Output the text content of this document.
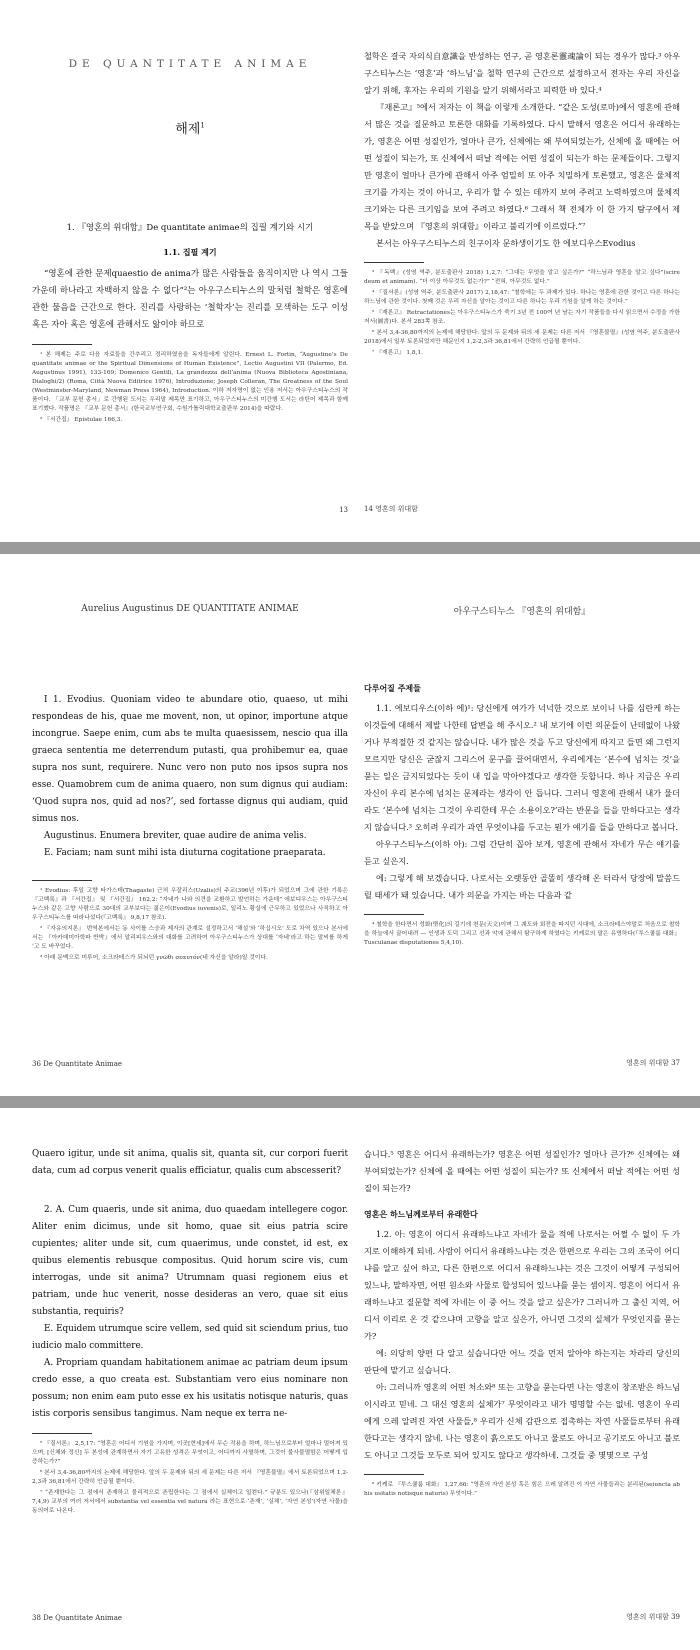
DE QUANTITATE ANIMAE
해제$^1$
1. 『영혼의 위대함』De quantitate animae의 집필 계기와 시기
1.1. 집필 계기

“영혼에 관한 문제quaestio de anima가 많은 사람들을 움직이지만 나 역시 그들 가운데 하나라고 자백하지 않을 수 없다”²는 아우구스티누스의 말처럼 철학은 영혼에 관한 물음을 근간으로 한다. 진리를 사랑하는 ‘철학자’는 진리를 모색하는 도구 이성 혹은 자아 혹은 영혼에 관해서도 앎이야 하므로

¹ 본 해제는 주로 다음 자료들을 간추리고 정리하였음을 독자들에게 알린다. Ernest L. Fortin, “Augustine’s De quantitate animae or the Spiritual Dimensions of Human Existence”, Lectio Augustini VII (Palermo, Ed. Augustinus 1991), 133-169; Domenico Gentili, La grandezza dell’anima (Nuova Biblioteca Agostiniana, Dialoghi/2) (Roma, Città Nuova Editrice 1976), Introduzione; Joseph Colleran, The Greatness of the Soul (Westminster-Maryland, Newman Press 1964), Introduction. 이하 저자명이 없는 인용 저서는 아우구스티누스의 작품이다. 「교부 문헌 총서」로 간행된 도서는 우리말 제목만 표기하고, 아우구스티누스의 미간행 도서는 라틴어 제목과 함께 표기했다. 작품명은 『교부 문헌 총서』(한국교부연구회, 수원가톨릭대학교출판부 2014)을 따랐다.
² 『서간집』 Epistulae 166,3.
13

철학은 결국 자의식自意識을 반성하는 연구, 곧 영혼론靈魂論이 되는 경우가 많다.³ 아우구스티누스는 ‘영혼’과 ‘하느님’을 철학 연구의 근간으로 설정하고서 전자는 우리 자신을 알기 위해, 후자는 우리의 기원을 알기 위해서라고 피력한 바 있다.⁴

『재론고』⁵에서 저자는 이 책을 이렇게 소개한다. “같은 도성(로마)에서 영혼에 관해서 많은 것을 질문하고 토론한 대화를 기록하였다. 다시 말해서 영혼은 어디서 유래하는가, 영혼은 어떤 성질인가, 얼마나 큰가, 신체에는 왜 부여되었는가, 신체에 올 때에는 어떤 성질이 되는가, 또 신체에서 떠날 적에는 어떤 성질이 되는가 하는 문제들이다. 그렇지만 영혼이 얼마나 큰가에 관해서 아주 엄밀히 또 아주 치밀하게 토론했고, 영혼은 물체적 크기를 가지는 것이 아니고, 우리가 할 수 있는 데까지 보여 주려고 노력하였으며 물체적 크기와는 다른 크기임을 보여 주려고 하였다.⁶ 그래서 책 전체가 이 한 가지 탐구에서 제목을 받았으며 『영혼의 위대함』이라고 불리기에 이르렀다.”⁷

본서는 아우구스티누스의 친구이자 문하생이기도 한 에보디우스Evodius

³ 『독백』(성염 역주, 분도출판사 2018) 1,2,7: “그대는 무엇을 알고 싶은가?” “하느님과 영혼을 알고 싶다”(scire deum et animam). “더 이상 아무것도 없는가?” “전혀, 아무것도 없다.”
⁴ 『질서론』(성염 역주, 분도출판사 2017) 2,18,47: “철학에는 두 과제가 있다. 하나는 영혼에 관한 것이고 다른 하나는 하느님에 관한 것이다. 첫째 것은 우리 자신을 알아는 것이고 다른 하나는 우리 기원을 알게 하는 것이다.”
⁵ 『재론고』 Retractationes는 아우구스티누스가 죽기 3년 전 100여 년 남는 자기 작품들을 다시 읽으면서 수정을 가한 저서(圖書)다. 본서 283쪽 참조.
⁶ 본서 3,4-36,80까지의 논제에 해당한다. 앞의 두 문제와 뒤의 세 문제는 다른 저서 『영혼불멸』(성염 역주, 분도출판사 2018)에서 일부 토론되었지만 해문인지 1,2-2,3과 36,81에서 간략히 언급될 뿐이다.
⁷ 『재론고』 1,8,1.
14 영혼의 위대함
Aurelius Augustinus DE QUANTITATE ANIMAE

I 1. Evodius. Quoniam video te abundare otio, quaeso, ut mihi respondeas de his, quae me movent, non, ut opinor, importune atque incongrue. Saepe enim, cum abs te multa quaesissem, nescio qua illa graeca sententia me deterrendum putasti, qua prohibemur ea, quae supra nos sunt, requirere. Nunc vero non puto nos ipsos supra nos esse. Quamobrem cum de anima quaero, non sum dignus qui audiam: ‘Quod supra nos, quid ad nos?’, sed fortasse dignus qui audiam, quid simus nos.

Augustinus. Enumera breviter, quae audire de anima velis.

E. Faciam; nam sunt mihi ista diuturna cogitatione praeparata.

¹ Evodius: 후일 고향 타가스테(Thagaste) 근처 우잘리스(Uzalis)의 주교(396년 이후)가 되었으며 그에 관한 기록은 『고백록』과 『서간집』 및 『서간집』 162,2: “자네가 나와 의견을 교환하고 발언하는 가운데” 에보디우스는 아우구스티누스와 같은 고향 사람으로 30대의 교부보다는 젊은이(Evodius iuvenis)로, 일리노 황실에 근무하고 있었으나 사직하고 아우구스티누스를 따라나섰다(『고백록』 9,8,17 참조).
² 『자유의지론』 번역본에서는 동 사이를 스승과 제자의 관계로 설정하고서 ‘해설’와 ‘하십시오’ 도로 차역 있으나 본서에서는 『아카데미아학파 반박』에서 알리피우스와의 대화를 고려하여 아우구스티누스가 상대를 ‘자네’라고 하는 말씨를 하게 ‘고 도 바꾸었다.
³ 아래 문맥으로 미루어, 소크라테스가 되뇌던 γνῶθι σεαυτόν(네 자신을 알라)일 것이다.
36 De Quantitate Animae
아우구스티누스 『영혼의 위대함』
다루어질 주제들

1.1. 에보디우스(이하 에)¹: 당신에게 여가가 넉넉한 것으로 보이니 나를 심란케 하는 이것들에 대해서 제발 나한테 답변을 해 주시오.² 내 보기에 이런 의문들이 난데없이 나왔거나 부적절한 것 같지는 않습니다. 내가 많은 것을 두고 당신에게 따지고 들면 왜 그런지 모르지만 당신은 굳잖지 그리스어 문구를 끌어대면서, 우리에게는 ‘본수에 넘치는 것’을 묻는 일은 금지되었다는 듯이 내 입을 막아야겠다고 생각한 듯합니다. 하나 지금은 우리 자신이 우리 본수에 넘치는 문제라는 생각이 안 듭니다. 그러니 영혼에 관해서 내가 물더라도 ‘본수에 넘치는 그것이 우리한테 무슨 소용이오?’라는 반문을 들을 만하다고는 생각지 않습니다.³ 오히려 우리가 과연 무엇이냐를 두고는 뭔가 얘기를 들을 만하다고 봅니다.

아우구스티누스(이하 아): 그럼 간단히 꼽아 보게, 영혼에 관해서 자네가 무슨 얘기를 듣고 싶은지.

에: 그렇게 해 보겠습니다. 나로서는 오랫동안 골똘히 생각해 온 터라서 당장에 말씀드릴 태세가 돼 있습니다. 내가 의문을 가지는 바는 다음과 같

⁴ 철학을 한다면서 성화(聖化)의 길기에 천문(天文)이며 그 궤도와 회전을 따지던 시대에, 소크라테스야말로 처음으로 철학을 하늘에서 끌어내려 — 인생과 도덕 그리고 선과 악에 관해서 탐구하게 하였다는 키케로의 말은 유명하다(『투스쿨룸 대화』 Tusculanae disputationes 5,4,10).
영혼의 위대함 37

Quaero igitur, unde sit anima, qualis sit, quanta sit, cur corpori fuerit data, cum ad corpus venerit qualis efficiatur, qualis cum abscesserit?

2. A. Cum quaeris, unde sit anima, duo quaedam intellegere cogor. Aliter enim dicimus, unde sit homo, quae sit eius patria scire cupientes; aliter unde sit, cum quaerimus, unde constet, id est, ex quibus elementis rebusque compositus. Quid horum scire vis, cum interrogas, unde sit anima? Utrumnam quasi regionem eius et patriam, unde huc venerit, nosse desideras an vero, quae sit eius substantia, requiris?

E. Equidem utrumque scire vellem, sed quid sit sciendum prius, tuo iudicio malo committere.

A. Propriam quandam habitationem animae ac patriam deum ipsum credo esse, a quo creata est. Substantiam vero eius nominare non possum; non enim eam puto esse ex his usitatis notisque naturis, quas istis corporis sensibus tangimus. Nam neque ex terra ne-

⁵ 『질서론』 2,5,17: “영혼은 어디서 기원을 가지며, 이곳[현세]에서 무슨 작용을 하며, 하느님으로부터 얼마나 멀어져 있으며, [신체와 정신] 두 본성에 관계하면서 자기 고유한 성격은 무엇이고, 어디까지 사멸하며, 그것이 불사불멸함은 어떻게 입증하는가?”
⁶ 본서 3,4-36,80까지의 논제에 해당한다. 앞의 두 문제와 뒤의 세 문제는 다른 저서 『영혼불멸』에서 토론되었으며 1,2-2,3과 36,81에서 간략히 언급될 뿐이다.
⁷ “존재한다는 그 점에서 존재하고 물리적으로 존립한다는 그 점에서 실체이고 일컫다.” 규분도 있으나(『삼위일체론』 7,4,9) 교부의 여러 저서에서 substantia vel essentia vel natura 라는 표현으로 ‘존재’, ‘실체’, ‘자연 본성’(자연 사물)을 동의어로 나온다.
38 De Quantitate Animae

습니다.⁵ 영혼은 어디서 유래하는가? 영혼은 어떤 성질인가? 얼마나 큰가?⁶ 신체에는 왜 부여되었는가? 신체에 올 때에는 어떤 성질이 되는가? 또 신체에서 떠날 적에는 어떤 성질이 되는가?

영혼은 하느님께로부터 유래한다

1.2. 아: 영혼이 어디서 유래하느냐고 자네가 물을 적에 나로서는 어쩔 수 없이 두 가지로 이해하게 되네. 사람이 어디서 유래하느냐는 것은 한편으로 우리는 그의 조국이 어디냐를 알고 싶어 하고, 다른 한편으로 어디서 유래하느냐는 것은 그것이 어떻게 구성되어 있느냐, 말하자면, 어떤 원소와 사물로 합성되어 있느냐를 묻는 셈이지. 영혼이 어디서 유래하느냐고 질문할 적에 자네는 이 중 어느 것을 알고 싶은가? 그러니까 그 출신 지역, 어디서 이리로 온 것 같으냐며 고향을 알고 싶은가, 아니면 그것의 실체가 무엇인지를 묻는가?

에: 의당히 양편 다 알고 싶습니다만 어느 것을 먼저 알아야 하는지는 차라리 당신의 판단에 맡기고 싶습니다.

아: 그러니까 영혼의 어떤 처소와⁸ 또는 고향을 묻는다면 나는 영혼이 창조받은 하느님이시라고 믿네. 그 대신 영혼의 실체가⁷ 무엇이라고 내가 명명할 수는 없네. 영혼이 우리에게 으레 알려진 자연 사물들,⁸ 우리가 신체 감관으로 접촉하는 자연 사물들로부터 유래한다고는 생각지 않네. 나는 영혼이 흙으로도 아니고 물로도 아니고 공기로도 아니고 불로도 아니고 그것들 모두로 되어 있지도 않다고 생각하네. 그것들 중 몇몇으로 구성

⁸ 키케로 『투스쿨룸 대화』 1,27,66: “영혼의 자연 본성 혹은 힘은 으레 알려진 이 자연 사물들과는 분리된(seiuncta ab his usitatis notisque naturis) 무엇이다.”
영혼의 위대함 39
